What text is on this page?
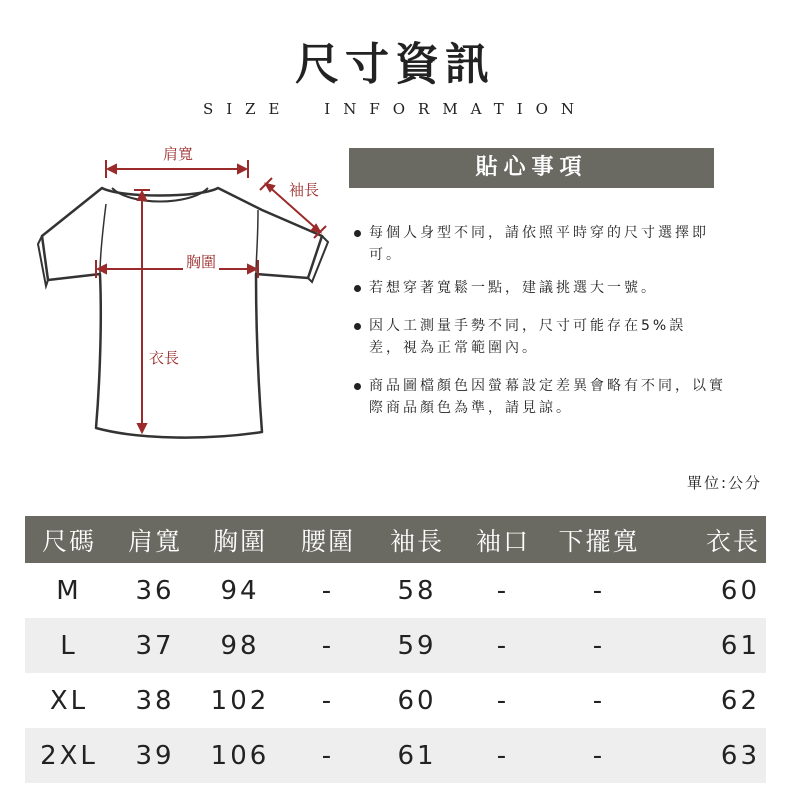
尺寸資訊
SIZE INFORMATION
肩寬
袖長
胸圍
衣長
貼心事項
每個人身型不同，請依照平時穿的尺寸選擇即可。
若想穿著寬鬆一點，建議挑選大一號。
因人工測量手勢不同，尺寸可能存在5%誤差，視為正常範圍內。
商品圖檔顏色因螢幕設定差異會略有不同，以實際商品顏色為準，請見諒。
單位:公分
尺碼	肩寬	胸圍	腰圍	袖長	袖口	下擺寬	衣長
M	36	94	-	58	-	-	60
L	37	98	-	59	-	-	61
XL	38	102	-	60	-	-	62
2XL	39	106	-	61	-	-	63
